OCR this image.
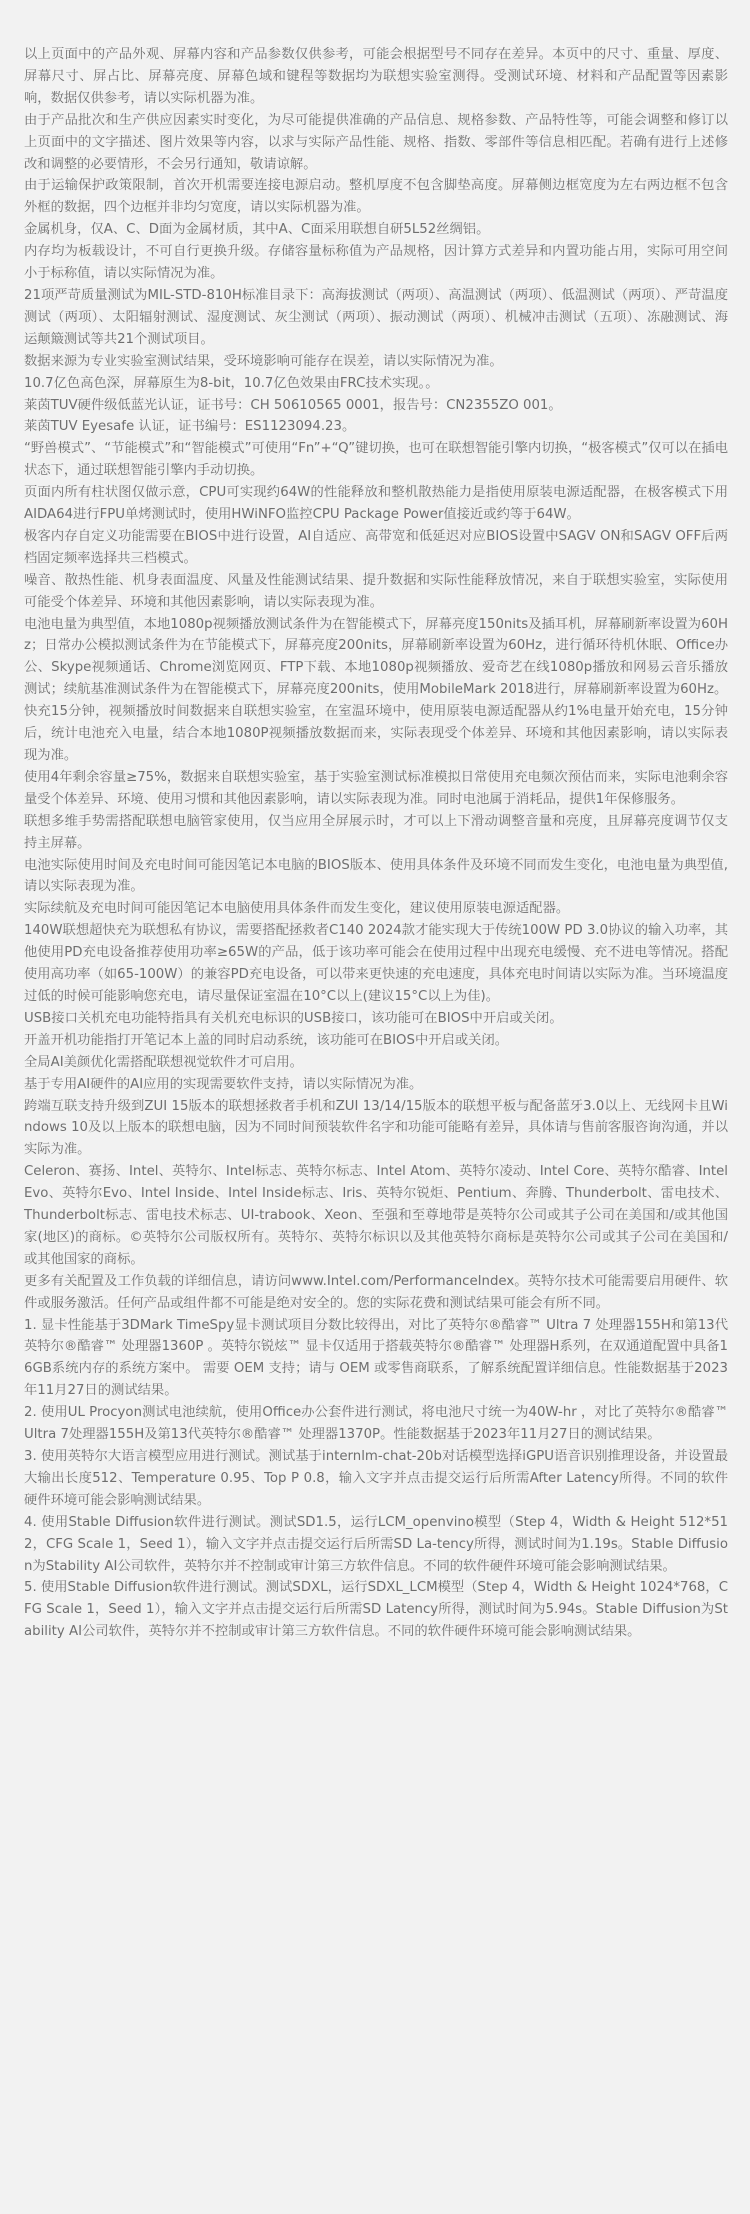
以上页面中的产品外观、屏幕内容和产品参数仅供参考，可能会根据型号不同存在差异。本页中的尺寸、重量、厚度、屏幕尺寸、屏占比、屏幕亮度、屏幕色域和键程等数据均为联想实验室测得。受测试环境、材料和产品配置等因素影响，数据仅供参考，请以实际机器为准。

由于产品批次和生产供应因素实时变化，为尽可能提供准确的产品信息、规格参数、产品特性等，可能会调整和修订以上页面中的文字描述、图片效果等内容，以求与实际产品性能、规格、指数、零部件等信息相匹配。若确有进行上述修改和调整的必要情形，不会另行通知，敬请谅解。

由于运输保护政策限制，首次开机需要连接电源启动。整机厚度不包含脚垫高度。屏幕侧边框宽度为左右两边框不包含外框的数据，四个边框并非均匀宽度，请以实际机器为准。

金属机身，仅A、C、D面为金属材质，其中A、C面采用联想自研5L52丝绸铝。

内存均为板载设计，不可自行更换升级。存储容量标称值为产品规格，因计算方式差异和内置功能占用，实际可用空间小于标称值，请以实际情况为准。

21项严苛质量测试为MIL-STD-810H标准目录下：高海拔测试（两项）、高温测试（两项）、低温测试（两项）、严苛温度测试（两项）、太阳辐射测试、湿度测试、灰尘测试（两项）、振动测试（两项）、机械冲击测试（五项）、冻融测试、海运颠簸测试等共21个测试项目。

数据来源为专业实验室测试结果，受环境影响可能存在误差，请以实际情况为准。

10.7亿色高色深，屏幕原生为8-bit，10.7亿色效果由FRC技术实现。。

莱茵TUV硬件级低蓝光认证，证书号：CH 50610565 0001，报告号：CN2355ZO 001。

莱茵TUV Eyesafe 认证，证书编号：ES1123094.23。

“野兽模式”、“节能模式”和“智能模式”可使用“Fn”+“Q”键切换，也可在联想智能引擎内切换，“极客模式”仅可以在插电状态下，通过联想智能引擎内手动切换。

页面内所有柱状图仅做示意，CPU可实现约64W的性能释放和整机散热能力是指使用原装电源适配器，在极客模式下用AIDA64进行FPU单烤测试时，使用HWiNFO监控CPU Package Power值接近或约等于64W。

极客内存自定义功能需要在BIOS中进行设置，AI自适应、高带宽和低延迟对应BIOS设置中SAGV ON和SAGV OFF后两档固定频率选择共三档模式。

噪音、散热性能、机身表面温度、风量及性能测试结果、提升数据和实际性能释放情况，来自于联想实验室，实际使用可能受个体差异、环境和其他因素影响，请以实际表现为准。

电池电量为典型值，本地1080p视频播放测试条件为在智能模式下，屏幕亮度150nits及插耳机，屏幕刷新率设置为60Hz；日常办公模拟测试条件为在节能模式下，屏幕亮度200nits，屏幕刷新率设置为60Hz，进行循环待机休眠、Office办公、Skype视频通话、Chrome浏览网页、FTP下载、本地1080p视频播放、爱奇艺在线1080p播放和网易云音乐播放测试；续航基准测试条件为在智能模式下，屏幕亮度200nits，使用MobileMark 2018进行，屏幕刷新率设置为60Hz。

快充15分钟，视频播放时间数据来自联想实验室，在室温环境中，使用原装电源适配器从约1%电量开始充电，15分钟后，统计电池充入电量，结合本地1080P视频播放数据而来，实际表现受个体差异、环境和其他因素影响，请以实际表现为准。

使用4年剩余容量≥75%，数据来自联想实验室，基于实验室测试标准模拟日常使用充电频次预估而来，实际电池剩余容量受个体差异、环境、使用习惯和其他因素影响，请以实际表现为准。同时电池属于消耗品，提供1年保修服务。

联想多维手势需搭配联想电脑管家使用，仅当应用全屏展示时，才可以上下滑动调整音量和亮度，且屏幕亮度调节仅支持主屏幕。

电池实际使用时间及充电时间可能因笔记本电脑的BIOS版本、使用具体条件及环境不同而发生变化，电池电量为典型值,请以实际表现为准。

实际续航及充电时间可能因笔记本电脑使用具体条件而发生变化，建议使用原装电源适配器。

140W联想超快充为联想私有协议，需要搭配拯救者C140 2024款才能实现大于传统100W PD 3.0协议的输入功率，其他使用PD充电设备推荐使用功率≥65W的产品，低于该功率可能会在使用过程中出现充电缓慢、充不进电等情况。搭配使用高功率（如65-100W）的兼容PD充电设备，可以带来更快速的充电速度，具体充电时间请以实际为准。当环境温度过低的时候可能影响您充电，请尽量保证室温在10°C以上(建议15°C以上为佳)。

USB接口关机充电功能特指具有关机充电标识的USB接口，该功能可在BIOS中开启或关闭。

开盖开机功能指打开笔记本上盖的同时启动系统，该功能可在BIOS中开启或关闭。

全局AI美颜优化需搭配联想视觉软件才可启用。

基于专用AI硬件的AI应用的实现需要软件支持，请以实际情况为准。

跨端互联支持升级到ZUI 15版本的联想拯救者手机和ZUI 13/14/15版本的联想平板与配备蓝牙3.0以上、无线网卡且Windows 10及以上版本的联想电脑，因为不同时间预装软件名字和功能可能略有差异，具体请与售前客服咨询沟通，并以实际为准。

Celeron、赛扬、Intel、英特尔、Intel标志、英特尔标志、Intel Atom、英特尔凌动、Intel Core、英特尔酷睿、Intel Evo、英特尔Evo、Intel Inside、Intel Inside标志、Iris、英特尔锐炬、Pentium、奔腾、Thunderbolt、雷电技术、Thunderbolt标志、雷电技术标志、UI-trabook、Xeon、至强和至尊地带是英特尔公司或其子公司在美国和/或其他国家(地区)的商标。©英特尔公司版权所有。英特尔、英特尔标识以及其他英特尔商标是英特尔公司或其子公司在美国和/或其他国家的商标。

更多有关配置及工作负载的详细信息，请访问www.Intel.com/PerformanceIndex。英特尔技术可能需要启用硬件、软件或服务激活。任何产品或组件都不可能是绝对安全的。您的实际花费和测试结果可能会有所不同。

1. 显卡性能基于3DMark TimeSpy显卡测试项目分数比较得出，对比了英特尔®酷睿™ Ultra 7 处理器155H和第13代英特尔®酷睿™ 处理器1360P 。英特尔锐炫™ 显卡仅适用于搭载英特尔®酷睿™ 处理器H系列，在双通道配置中具备16GB系统内存的系统方案中。 需要 OEM 支持；请与 OEM 或零售商联系，了解系统配置详细信息。性能数据基于2023年11月27日的测试结果。

2. 使用UL Procyon测试电池续航，使用Office办公套件进行测试，将电池尺寸统一为40W-hr ，对比了英特尔®酷睿™ Ultra 7处理器155H及第13代英特尔®酷睿™ 处理器1370P。性能数据基于2023年11月27日的测试结果。

3. 使用英特尔大语言模型应用进行测试。测试基于internlm-chat-20b对话模型选择iGPU语音识别推理设备，并设置最大输出长度512、Temperature 0.95、Top P 0.8，输入文字并点击提交运行后所需After Latency所得。不同的软件硬件环境可能会影响测试结果。

4. 使用Stable Diffusion软件进行测试。测试SD1.5，运行LCM_openvino模型（Step 4，Width & Height 512*512，CFG Scale 1，Seed 1），输入文字并点击提交运行后所需SD La-tency所得，测试时间为1.19s。Stable Diffusion为Stability AI公司软件，英特尔并不控制或审计第三方软件信息。不同的软件硬件环境可能会影响测试结果。

5. 使用Stable Diffusion软件进行测试。测试SDXL，运行SDXL_LCM模型（Step 4，Width & Height 1024*768，CFG Scale 1，Seed 1），输入文字并点击提交运行后所需SD Latency所得，测试时间为5.94s。Stable Diffusion为Stability AI公司软件，英特尔并不控制或审计第三方软件信息。不同的软件硬件环境可能会影响测试结果。
